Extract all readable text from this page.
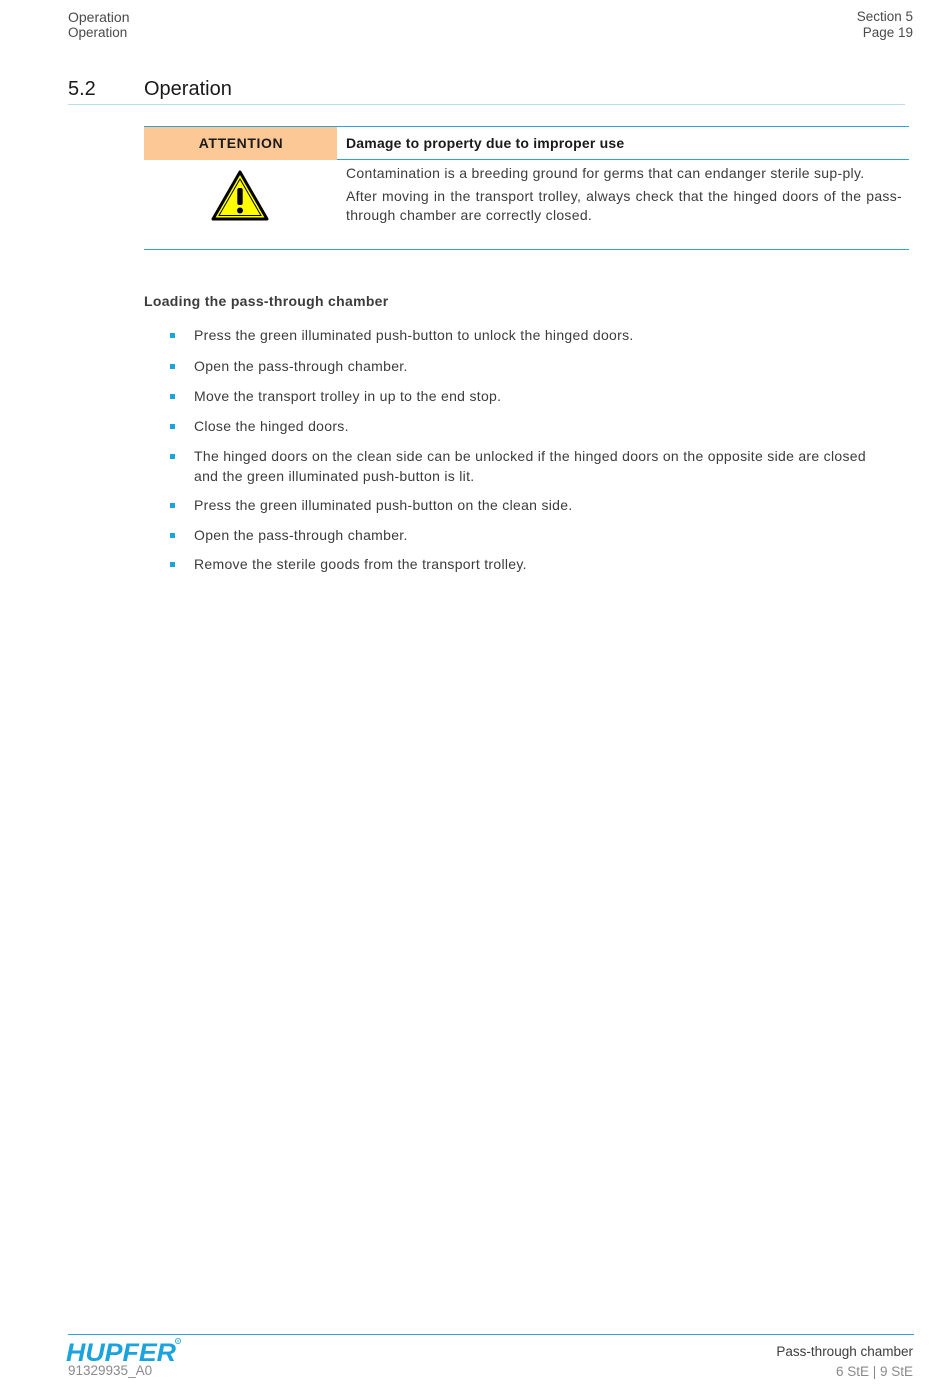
Operation
Operation
Section 5
Page 19
5.2 Operation
ATTENTION	Damage to property due to improper use

Contamination is a breeding ground for germs that can endanger sterile sup-ply.

After moving in the transport trolley, always check that the hinged doors of the pass-through chamber are correctly closed.

Loading the pass-through chamber
Press the green illuminated push-button to unlock the hinged doors.
Open the pass-through chamber.
Move the transport trolley in up to the end stop.
Close the hinged doors.
The hinged doors on the clean side can be unlocked if the hinged doors on the opposite side are closed and the green illuminated push-button is lit.
Press the green illuminated push-button on the clean side.
Open the pass-through chamber.
Remove the sterile goods from the transport trolley.
HUPFER R
91329935_A0
Pass-through chamber
6 StE | 9 StE
